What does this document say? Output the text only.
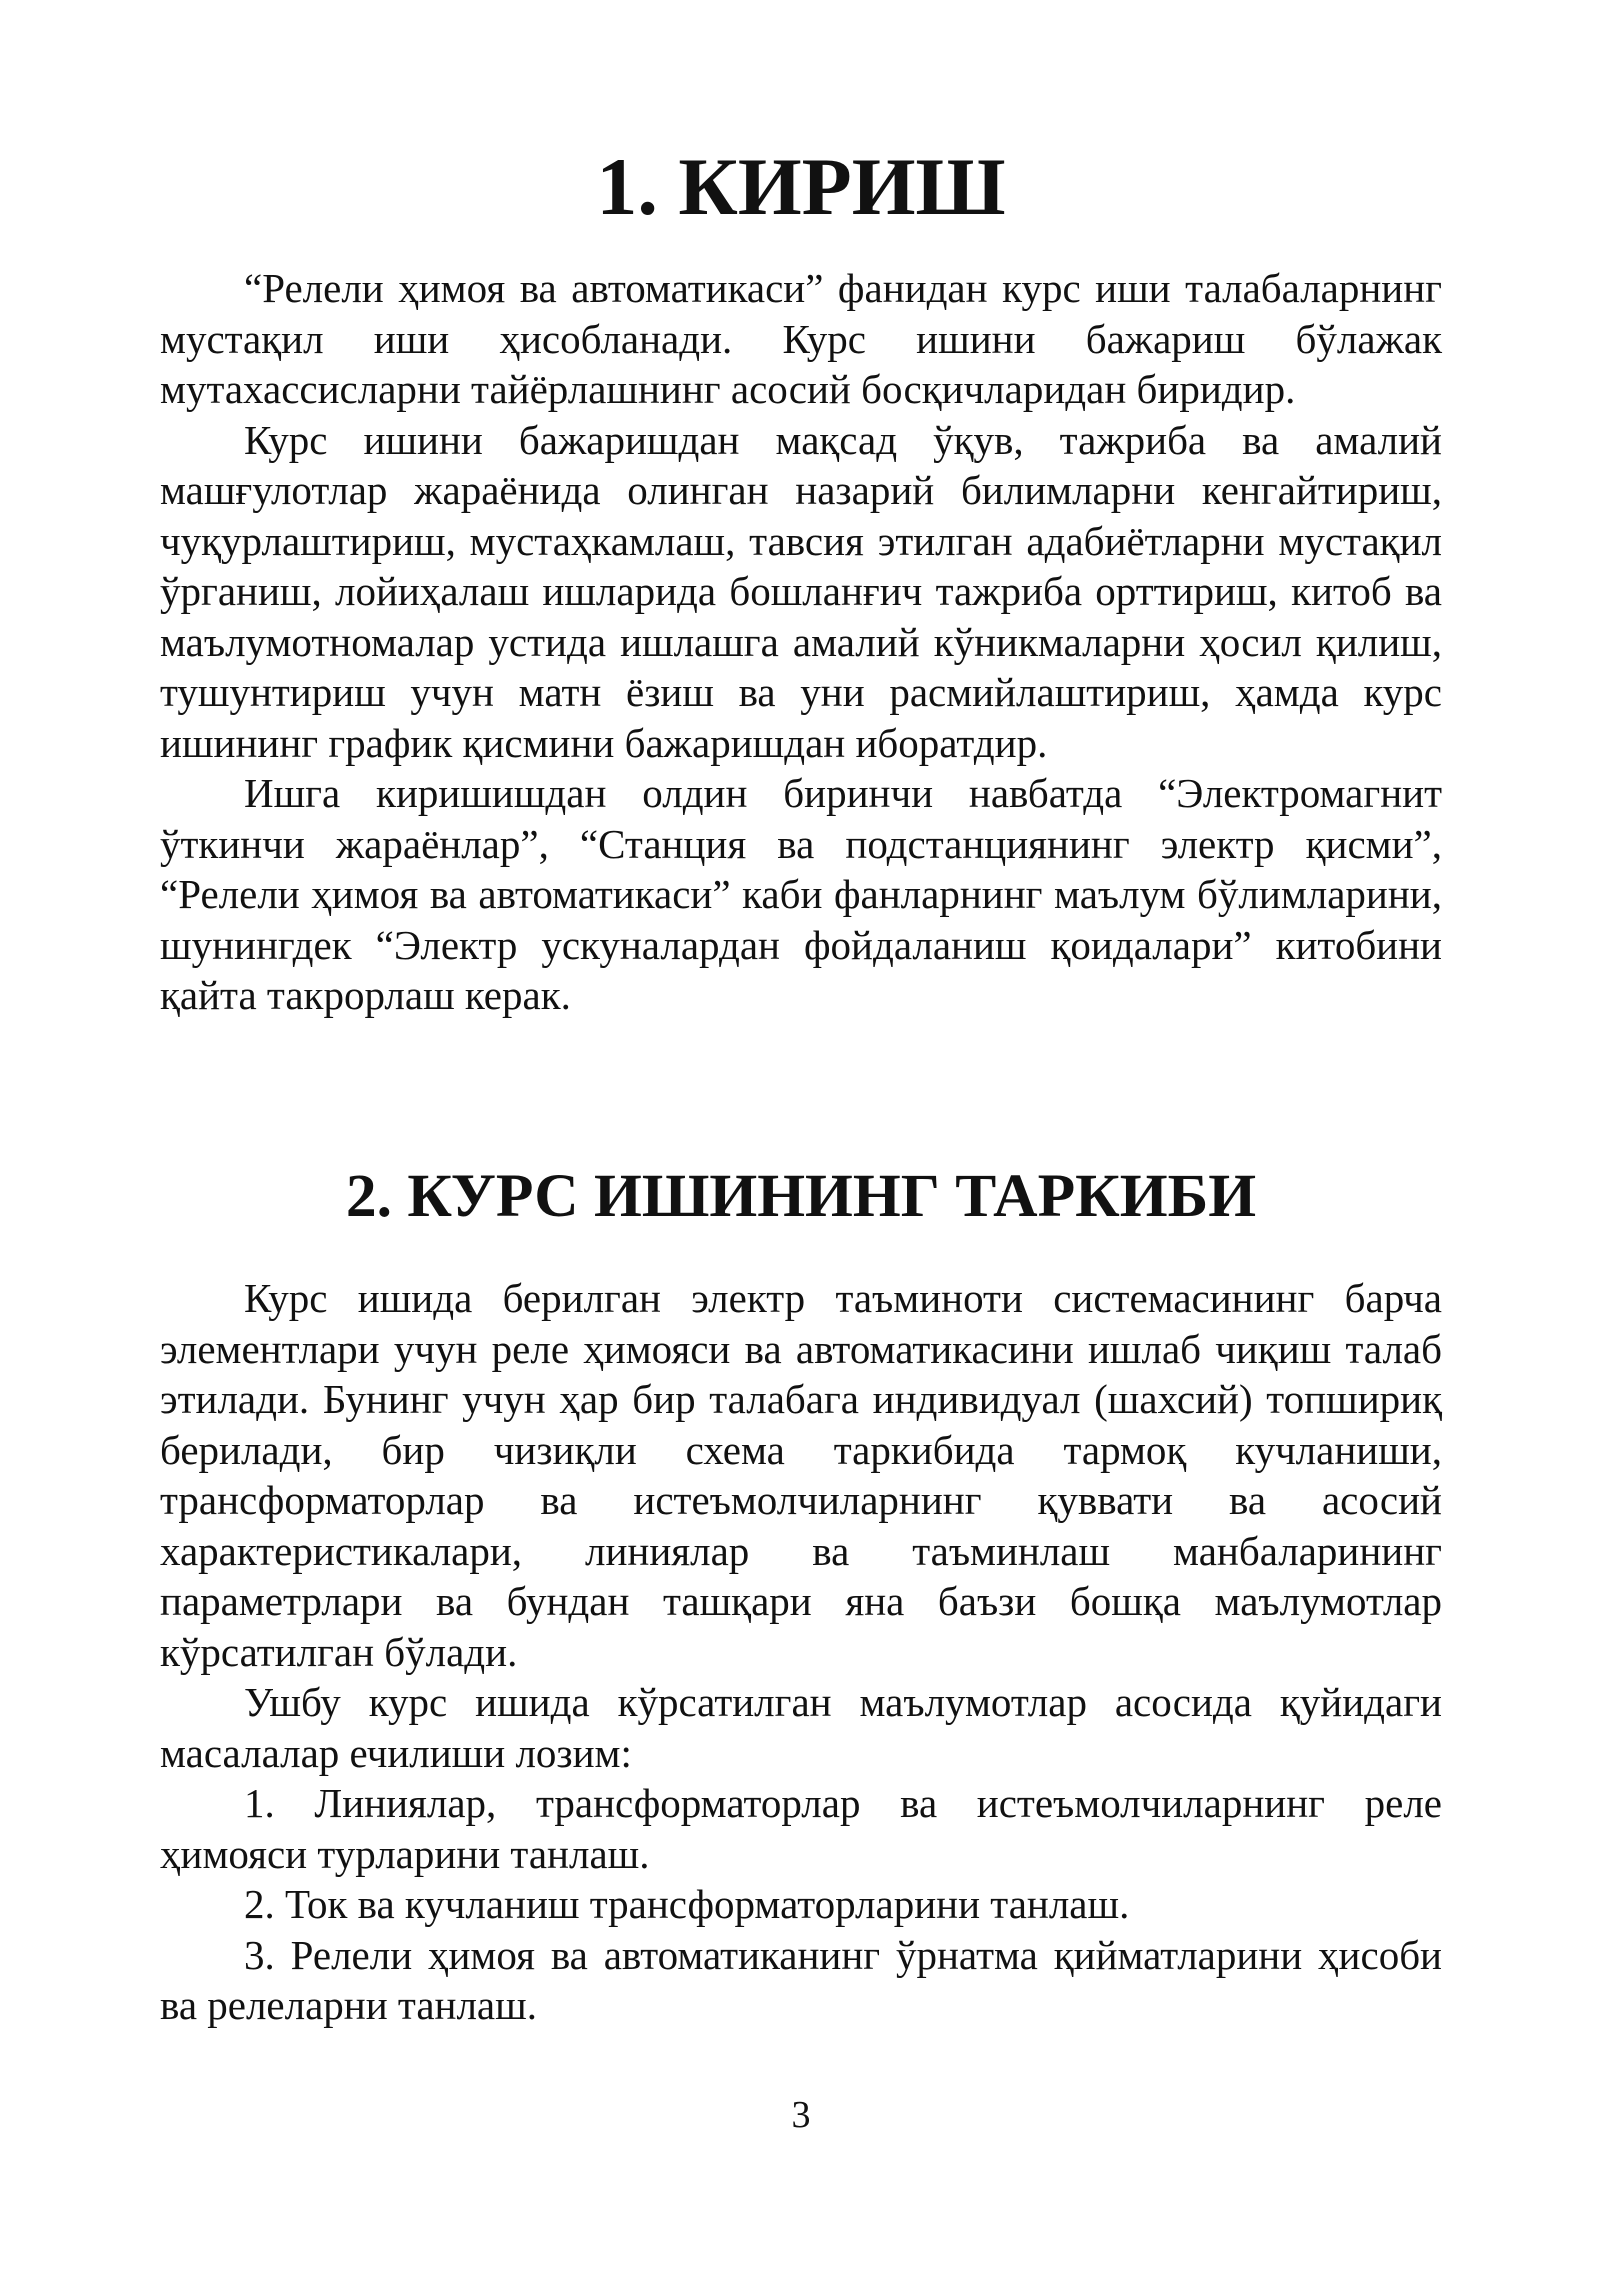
1. КИРИШ

“Релели ҳимоя ва автоматикаси” фанидан курс иши талабаларнинг мустақил иши ҳисобланади. Курс ишини бажариш бўлажак мутахассисларни тайёрлашнинг асосий босқичларидан биридир.

Курс ишини бажаришдан мақсад ўқув, тажриба ва амалий машғулотлар жараёнида олинган назарий билимларни кенгайтириш, чуқурлаштириш, мустаҳкамлаш, тавсия этилган адабиётларни мустақил ўрганиш, лойиҳалаш ишларида бошланғич тажриба орттириш, китоб ва маълумотномалар устида ишлашга амалий кўникмаларни ҳосил қилиш, тушунтириш учун матн ёзиш ва уни расмийлаштириш, ҳамда курс ишининг график қисмини бажаришдан иборатдир.

Ишга киришишдан олдин биринчи навбатда “Электромагнит ўткинчи жараёнлар”, “Станция ва подстанциянинг электр қисми”, “Релели ҳимоя ва автоматикаси” каби фанларнинг маълум бўлимларини, шунингдек “Электр ускуналардан фойдаланиш қоидалари” китобини қайта такрорлаш керак.

2. КУРС ИШИНИНГ ТАРКИБИ

Курс ишида берилган электр таъминоти системасининг барча элементлари учун реле ҳимояси ва автоматикасини ишлаб чиқиш талаб этилади. Бунинг учун ҳар бир талабага индивидуал (шахсий) топшириқ берилади, бир чизиқли схема таркибида тармоқ кучланиши, трансформаторлар ва истеъмолчиларнинг қуввати ва асосий характеристикалари, линиялар ва таъминлаш манбаларининг параметрлари ва бундан ташқари яна баъзи бошқа маълумотлар кўрсатилган бўлади.

Ушбу курс ишида кўрсатилган маълумотлар асосида қуйидаги масалалар ечилиши лозим:

1. Линиялар, трансформаторлар ва истеъмолчиларнинг реле ҳимояси турларини танлаш.

2. Ток ва кучланиш трансформаторларини танлаш.

3. Релели ҳимоя ва автоматиканинг ўрнатма қийматларини ҳисоби ва релеларни танлаш.

3
